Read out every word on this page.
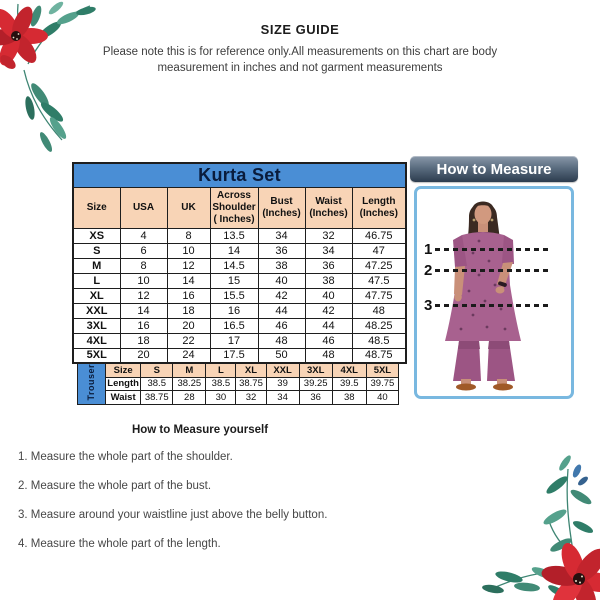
SIZE GUIDE
Please note this is for reference only.All measurements on this chart are body
measurement in inches and not garment measurements
Kurta Set						
Size	USA	UK	Across Shoulder ( Inches)	Bust (Inches)	Waist (Inches)	Length (Inches)
XS	4	8	13.5	34	32	46.75
S	6	10	14	36	34	47
M	8	12	14.5	38	36	47.25
L	10	14	15	40	38	47.5
XL	12	16	15.5	42	40	47.75
XXL	14	18	16	44	42	48
3XL	16	20	16.5	46	44	48.25
4XL	18	22	17	48	46	48.5
5XL	20	24	17.5	50	48	48.75
Trouser	Size	S	M	L	XL	XXL	3XL	4XL	5XL
	Length	38.5	38.25	38.5	38.75	39	39.25	39.5	39.75
	Waist	38.75	28	30	32	34	36	38	40
How to Measure
1
2
3
How to Measure yourself
1. Measure the whole part of the shoulder.
2. Measure the whole part of the bust.
3. Measure around your waistline just above the belly button.
4. Measure the whole part of the length.
